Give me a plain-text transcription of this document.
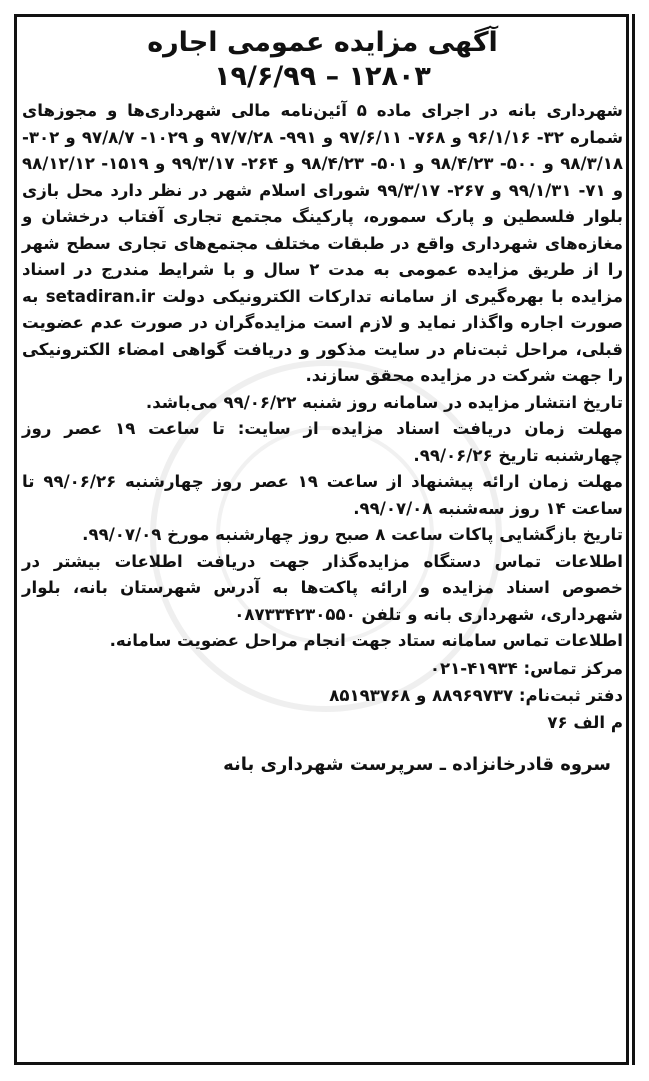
آگهی مزایده عمومی اجاره
۱۲۸۰۳ – ۱۹/۶/۹۹

شهرداری بانه در اجرای ماده ۵ آئین‌نامه مالی شهرداری‌ها و مجوزهای شماره ۳۲- ۹۶/۱/۱۶ و ۷۶۸- ۹۷/۶/۱۱ و ۹۹۱- ۹۷/۷/۲۸ و ۱۰۲۹- ۹۷/۸/۷ و ۳۰۲- ۹۸/۳/۱۸ و ۵۰۰- ۹۸/۴/۲۳ و ۵۰۱- ۹۸/۴/۲۳ و ۲۶۴- ۹۹/۳/۱۷ و ۱۵۱۹- ۹۸/۱۲/۱۲ و ۷۱- ۹۹/۱/۳۱ و ۲۶۷- ۹۹/۳/۱۷ شورای اسلام شهر در نظر دارد محل بازی بلوار فلسطین و پارک سموره، پارکینگ مجتمع تجاری آفتاب درخشان و مغازه‌های شهرداری واقع در طبقات مختلف مجتمع‌های تجاری سطح شهر را از طریق مزایده عمومی به مدت ۲ سال و با شرایط مندرج در اسناد مزایده با بهره‌گیری از سامانه تدارکات الکترونیکی دولت setadiran.ir به صورت اجاره واگذار نماید و لازم است مزایده‌گران در صورت عدم عضویت قبلی، مراحل ثبت‌نام در سایت مذکور و دریافت گواهی امضاء الکترونیکی را جهت شرکت در مزایده محقق سازند.

تاریخ انتشار مزایده در سامانه روز شنبه ۹۹/۰۶/۲۲ می‌باشد.

مهلت زمان دریافت اسناد مزایده از سایت: تا ساعت ۱۹ عصر روز چهارشنبه تاریخ ۹۹/۰۶/۲۶.

مهلت زمان ارائه پیشنهاد از ساعت ۱۹ عصر روز چهارشنبه ۹۹/۰۶/۲۶ تا ساعت ۱۴ روز سه‌شنبه ۹۹/۰۷/۰۸.

تاریخ بازگشایی پاکات ساعت ۸ صبح روز چهارشنبه مورخ ۹۹/۰۷/۰۹.

اطلاعات تماس دستگاه مزایده‌گذار جهت دریافت اطلاعات بیشتر در خصوص اسناد مزایده و ارائه پاکت‌ها به آدرس شهرستان بانه، بلوار شهرداری، شهرداری بانه و تلفن ۰۸۷۳۳۴۲۳۰۵۵۰

اطلاعات تماس سامانه ستاد جهت انجام مراحل عضویت سامانه.

مرکز تماس: ۴۱۹۳۴-۰۲۱

دفتر ثبت‌نام: ۸۸۹۶۹۷۳۷ و ۸۵۱۹۳۷۶۸

م الف ۷۶

سروه قادرخانزاده ـ سرپرست شهرداری بانه
